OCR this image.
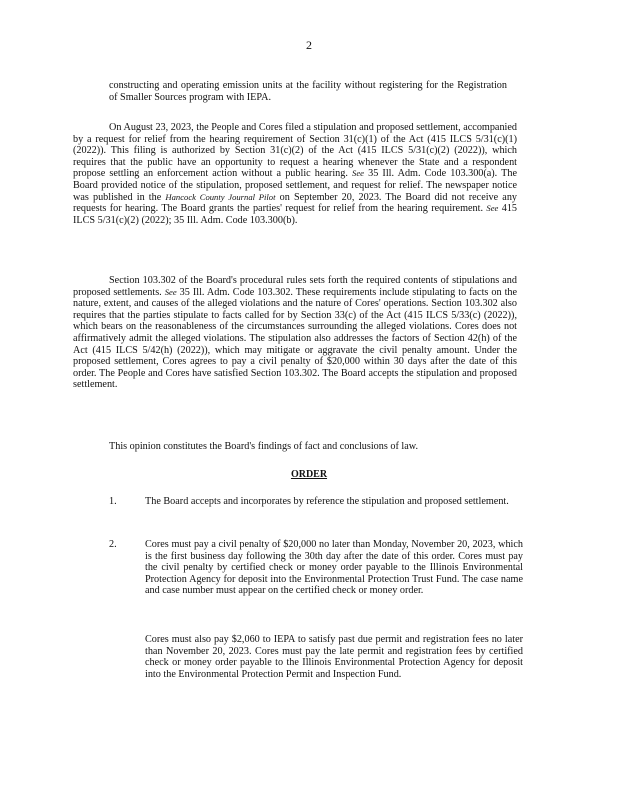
2

constructing and operating emission units at the facility without registering for the Registration of Smaller Sources program with IEPA.

On August 23, 2023, the People and Cores filed a stipulation and proposed settlement, accompanied by a request for relief from the hearing requirement of Section 31(c)(1) of the Act (415 ILCS 5/31(c)(1) (2022)). This filing is authorized by Section 31(c)(2) of the Act (415 ILCS 5/31(c)(2) (2022)), which requires that the public have an opportunity to request a hearing whenever the State and a respondent propose settling an enforcement action without a public hearing. See 35 Ill. Adm. Code 103.300(a). The Board provided notice of the stipulation, proposed settlement, and request for relief. The newspaper notice was published in the Hancock County Journal Pilot on September 20, 2023. The Board did not receive any requests for hearing. The Board grants the parties' request for relief from the hearing requirement. See 415 ILCS 5/31(c)(2) (2022); 35 Ill. Adm. Code 103.300(b).

Section 103.302 of the Board's procedural rules sets forth the required contents of stipulations and proposed settlements. See 35 Ill. Adm. Code 103.302. These requirements include stipulating to facts on the nature, extent, and causes of the alleged violations and the nature of Cores' operations. Section 103.302 also requires that the parties stipulate to facts called for by Section 33(c) of the Act (415 ILCS 5/33(c) (2022)), which bears on the reasonableness of the circumstances surrounding the alleged violations. Cores does not affirmatively admit the alleged violations. The stipulation also addresses the factors of Section 42(h) of the Act (415 ILCS 5/42(h) (2022)), which may mitigate or aggravate the civil penalty amount. Under the proposed settlement, Cores agrees to pay a civil penalty of $20,000 within 30 days after the date of this order. The People and Cores have satisfied Section 103.302. The Board accepts the stipulation and proposed settlement.

This opinion constitutes the Board's findings of fact and conclusions of law.

ORDER
1.	The Board accepts and incorporates by reference the stipulation and proposed settlement.

2.	Cores must pay a civil penalty of $20,000 no later than Monday, November 20, 2023, which is the first business day following the 30th day after the date of this order. Cores must pay the civil penalty by certified check or money order payable to the Illinois Environmental Protection Agency for deposit into the Environmental Protection Trust Fund. The case name and case number must appear on the certified check or money order.

Cores must also pay $2,060 to IEPA to satisfy past due permit and registration fees no later than November 20, 2023. Cores must pay the late permit and registration fees by certified check or money order payable to the Illinois Environmental Protection Agency for deposit into the Environmental Protection Permit and Inspection Fund.
